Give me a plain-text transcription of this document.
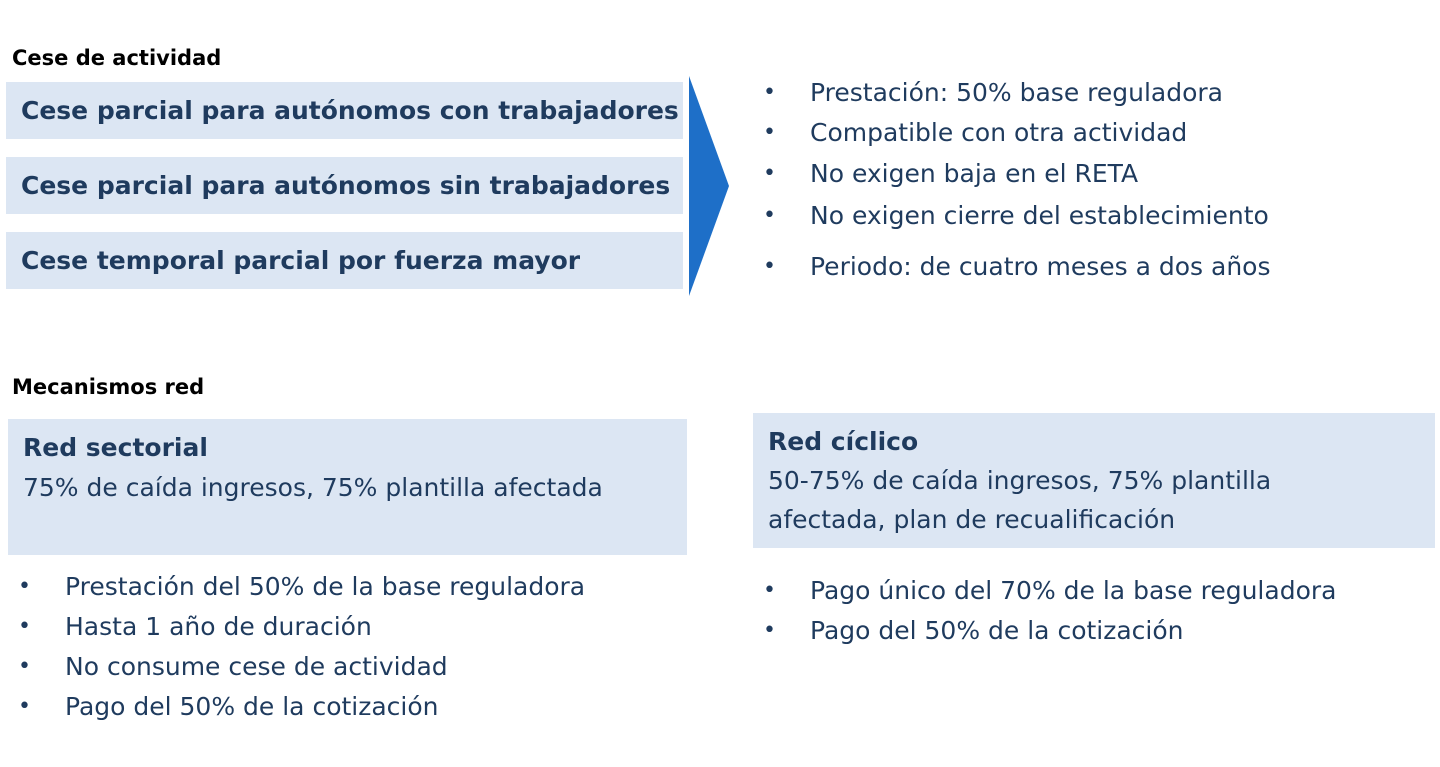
Cese de actividad
Cese parcial para autónomos con trabajadores
Cese parcial para autónomos sin trabajadores
Cese temporal parcial por fuerza mayor
•	Prestación: 50% base reguladora
•	Compatible con otra actividad
•	No exigen baja en el RETA
•	No exigen cierre del establecimiento
•	Periodo: de cuatro meses a dos años
Mecanismos red
Red sectorial
75% de caída ingresos, 75% plantilla afectada
Red cíclico
50-75% de caída ingresos, 75% plantilla afectada, plan de recualificación
•	Prestación del 50% de la base reguladora
•	Hasta 1 año de duración
•	No consume cese de actividad
•	Pago del 50% de la cotización
•	Pago único del 70% de la base reguladora
•	Pago del 50% de la cotización
